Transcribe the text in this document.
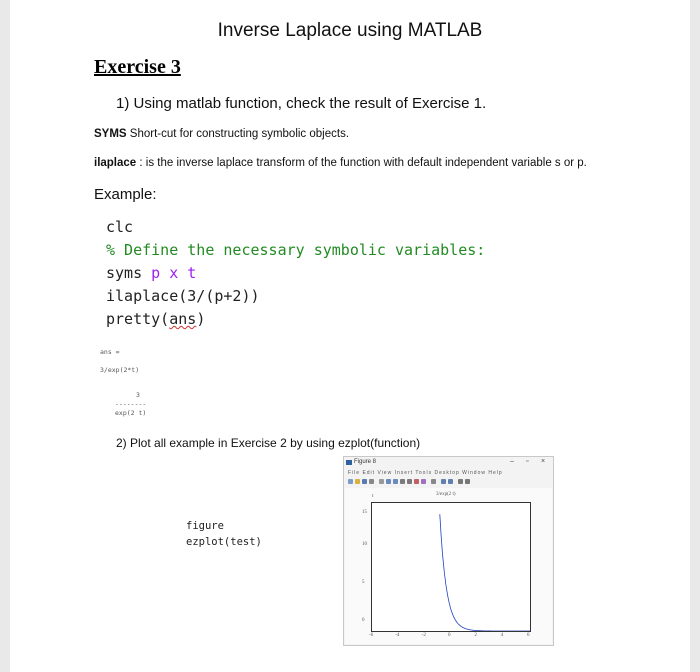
Inverse Laplace using MATLAB
Exercise 3
1) Using matlab function, check the result of Exercise 1.
SYMS Short-cut for constructing symbolic objects.
ilaplace : is the inverse laplace transform of the function with default independent variable s or p.
Example:
clc
% Define the necessary symbolic variables:
syms p x t
ilaplace(3/(p+2))
pretty(ans)
ans =
3/exp(2*t)
3
--------
exp(2 t)
2) Plot all example in Exercise 2 by using ezplot(function)
figure
ezplot(test)
Figure 8	– ▫ ×
File Edit View Insert Tools Desktop Window Help
3/exp(2 t)
t
15
10
5
0
-6	-4	-2	0	2	4	6
